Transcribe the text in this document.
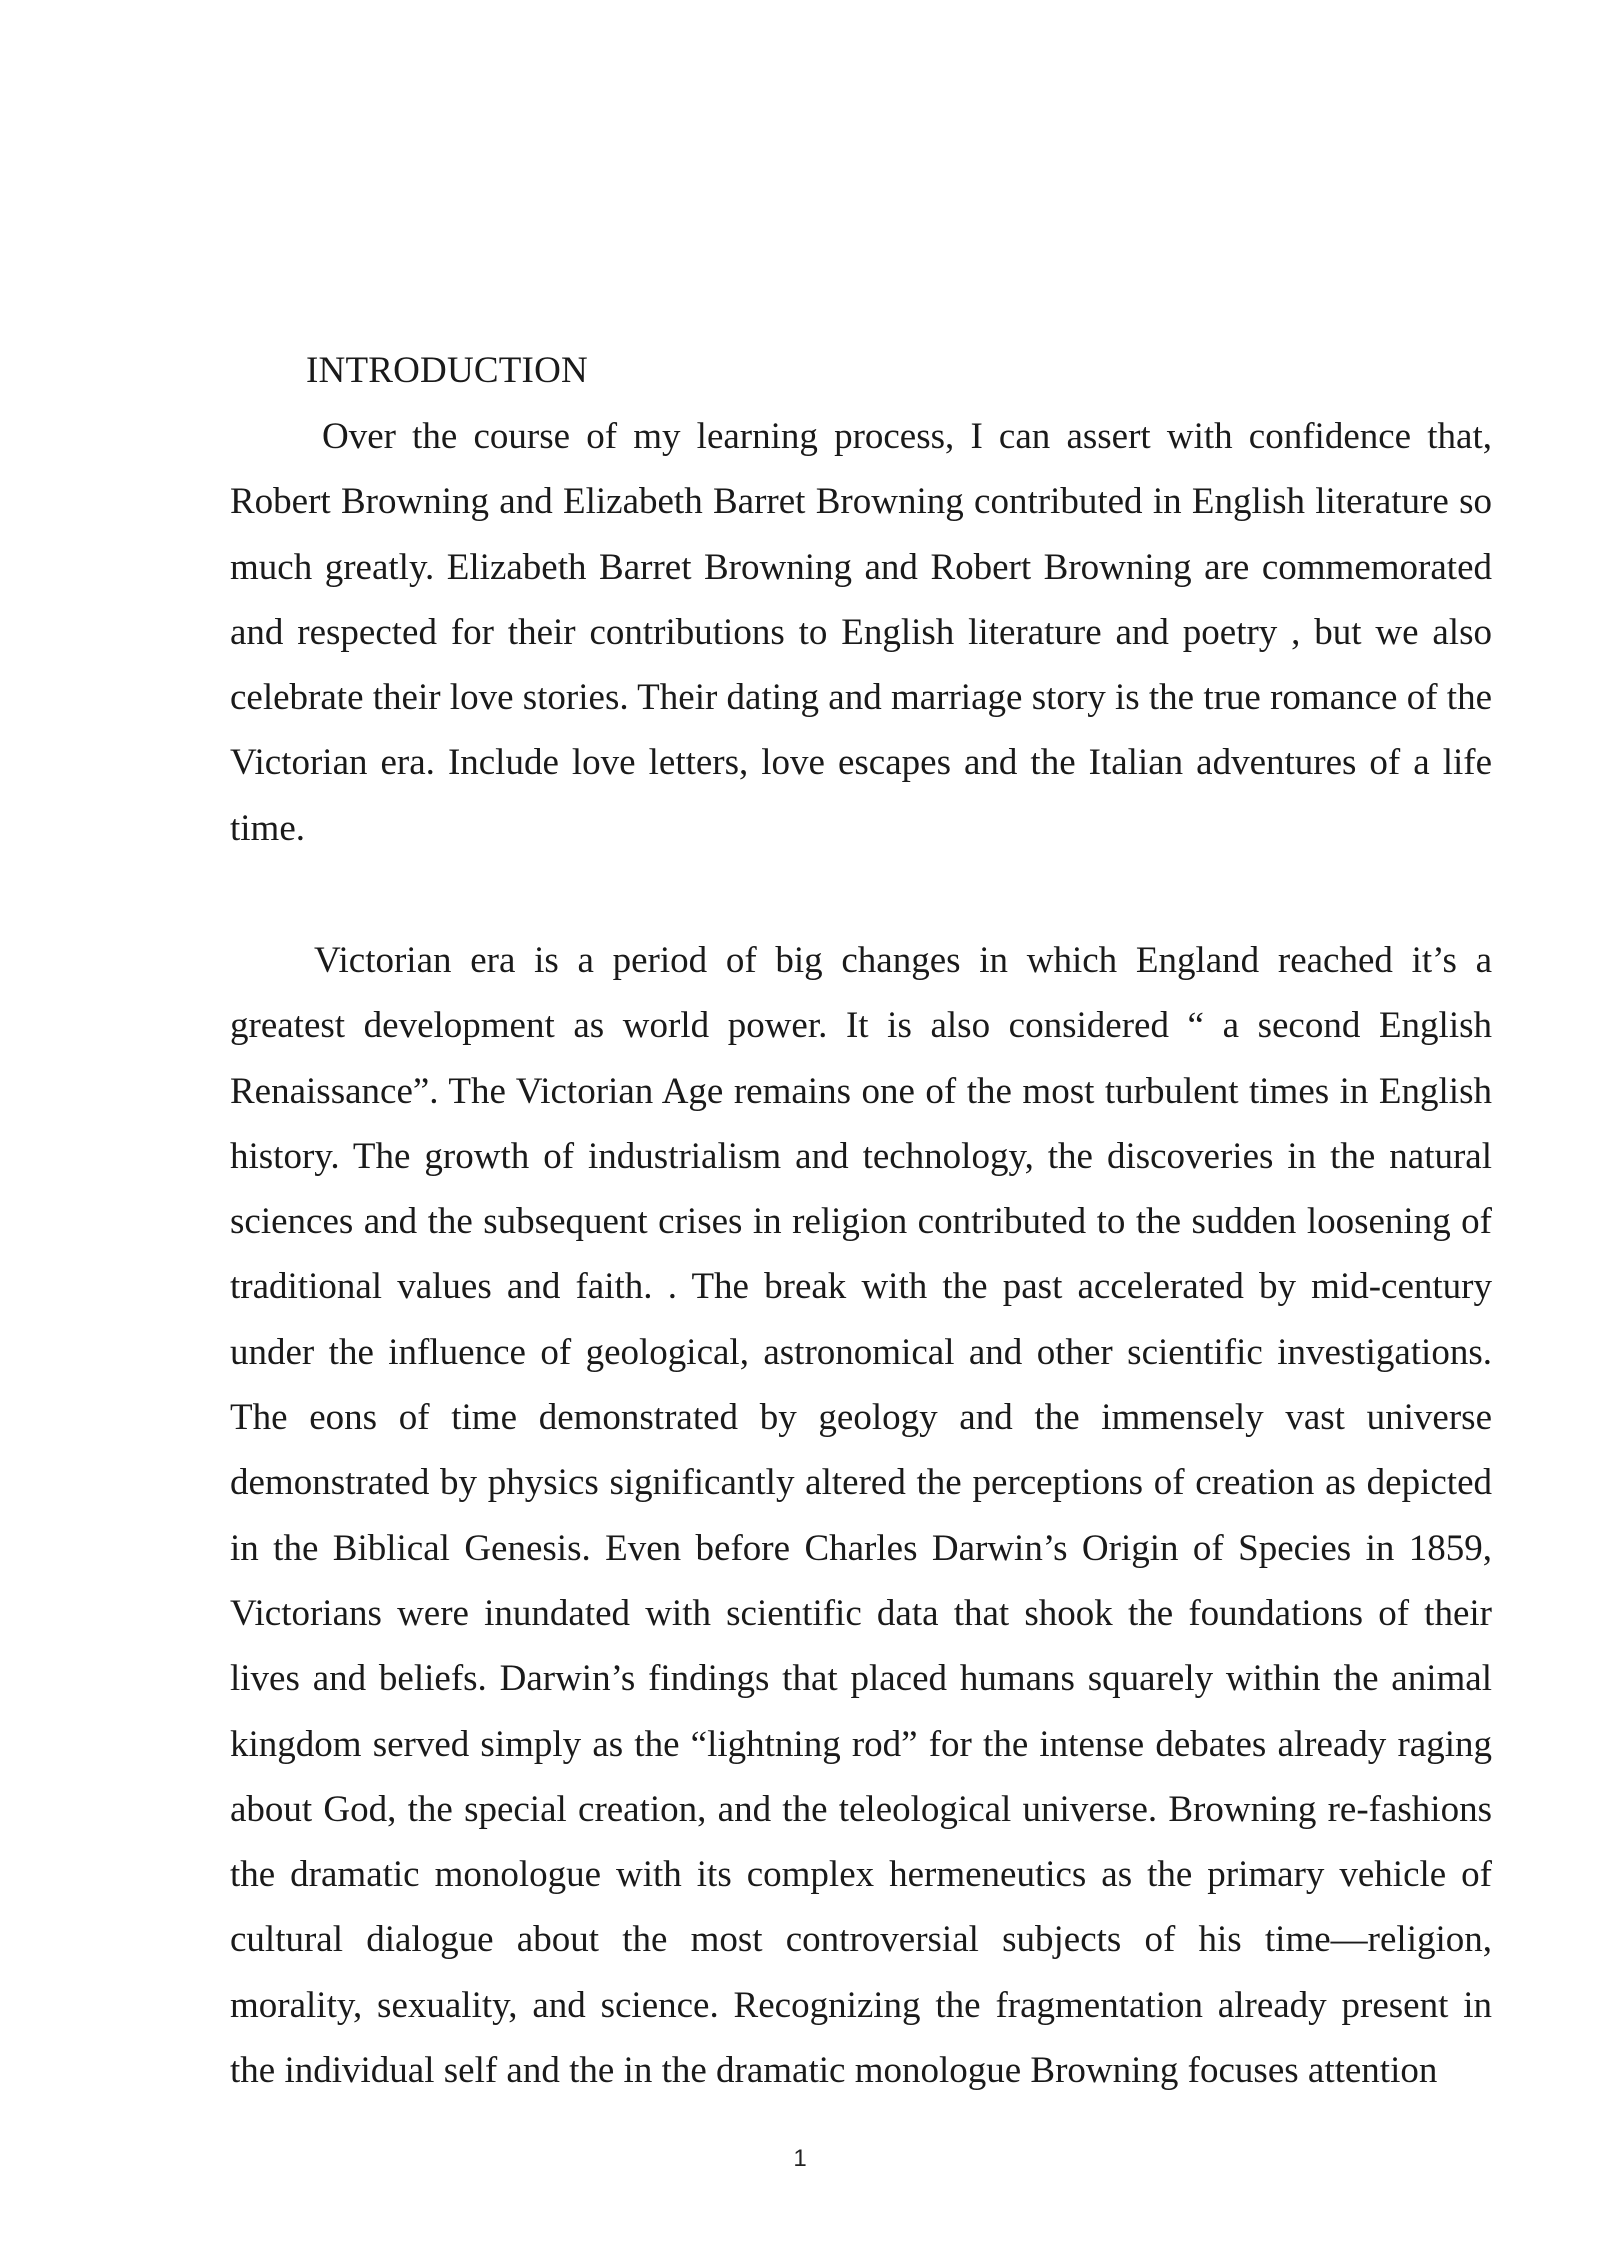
INTRODUCTION

Over the course of my learning process, I can assert with confidence that, Robert Browning and Elizabeth Barret Browning contributed in English literature so much greatly. Elizabeth Barret Browning and Robert Browning are commemorated and respected for their contributions to English literature and poetry , but we also celebrate their love stories. Their dating and marriage story is the true romance of the Victorian era. Include love letters, love escapes and the Italian adventures of a life time.

Victorian era is a period of big changes in which England reached it’s a greatest development as world power. It is also considered “ a second English Renaissance”. The Victorian Age remains one of the most turbulent times in English history. The growth of industrialism and technology, the discoveries in the natural sciences and the subsequent crises in religion contributed to the sudden loosening of traditional values and faith. . The break with the past accelerated by mid-century under the influence of geological, astronomical and other scientific investigations. The eons of time demonstrated by geology and the immensely vast universe demonstrated by physics significantly altered the perceptions of creation as depicted in the Biblical Genesis. Even before Charles Darwin’s Origin of Species in 1859, Victorians were inundated with scientific data that shook the foundations of their lives and beliefs. Darwin’s findings that placed humans squarely within the animal kingdom served simply as the “lightning rod” for the intense debates already raging about God, the special creation, and the teleological universe. Browning re-fashions the dramatic monologue with its complex hermeneutics as the primary vehicle of cultural dialogue about the most controversial subjects of his time—religion, morality, sexuality, and science. Recognizing the fragmentation already present in the individual self and the in the dramatic monologue Browning focuses attention

1
